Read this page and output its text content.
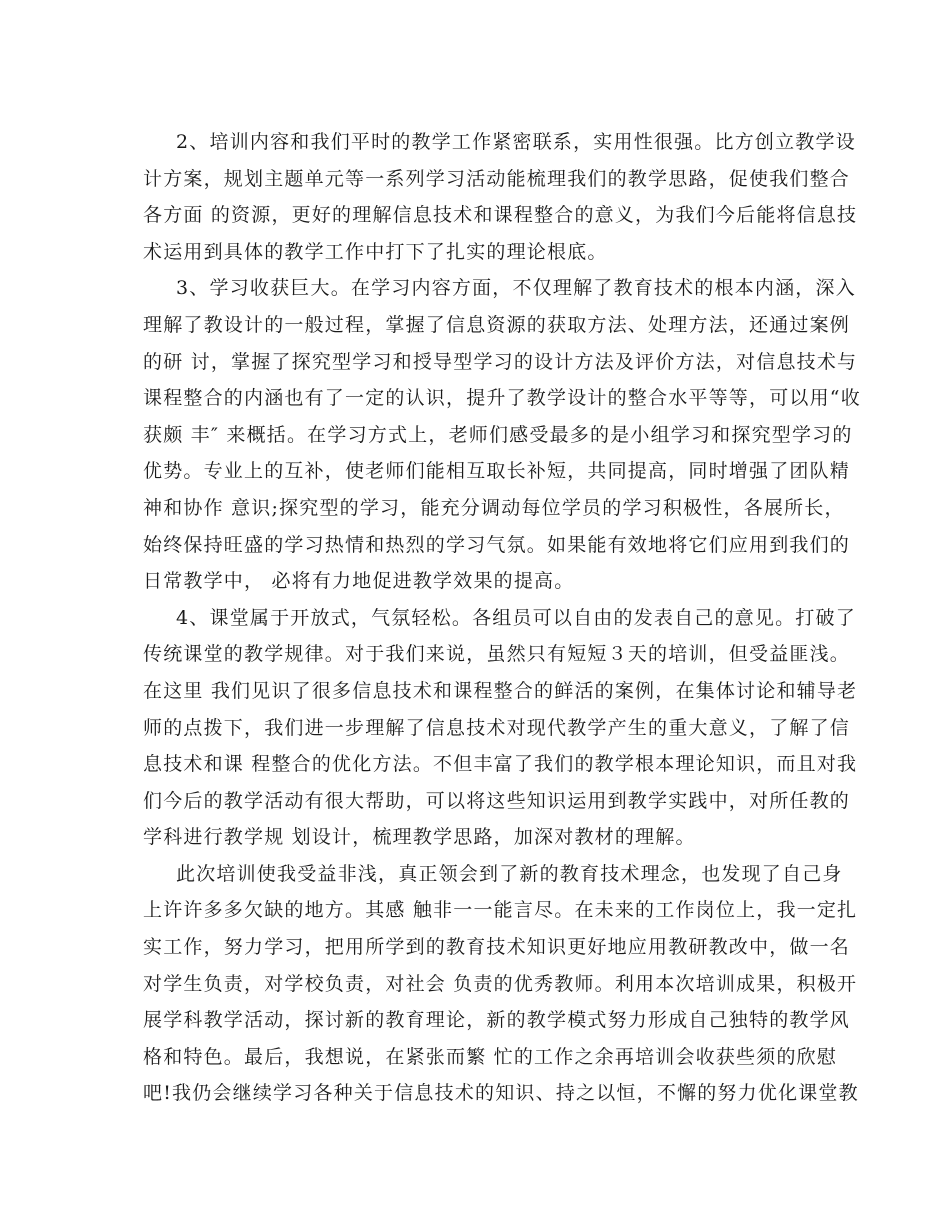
2、培训内容和我们平时的教学工作紧密联系，实用性很强。比方创立教学设
计方案，规划主题单元等一系列学习活动能梳理我们的教学思路，促使我们整合
各方面 的资源，更好的理解信息技术和课程整合的意义，为我们今后能将信息技
术运用到具体的教学工作中打下了扎实的理论根底。

3、学习收获巨大。在学习内容方面，不仅理解了教育技术的根本内涵，深入
理解了教设计的一般过程，掌握了信息资源的获取方法、处理方法，还通过案例
的研 讨，掌握了探究型学习和授导型学习的设计方法及评价方法，对信息技术与
课程整合的内涵也有了一定的认识，提升了教学设计的整合水平等等，可以用“收
获颇 丰″ 来概括。在学习方式上，老师们感受最多的是小组学习和探究型学习的
优势。专业上的互补，使老师们能相互取长补短，共同提高，同时增强了团队精
神和协作 意识;探究型的学习，能充分调动每位学员的学习积极性，各展所长，
始终保持旺盛的学习热情和热烈的学习气氛。如果能有效地将它们应用到我们的
日常教学中， 必将有力地促进教学效果的提高。

4、课堂属于开放式，气氛轻松。各组员可以自由的发表自己的意见。打破了
传统课堂的教学规律。对于我们来说，虽然只有短短３天的培训，但受益匪浅。
在这里 我们见识了很多信息技术和课程整合的鲜活的案例，在集体讨论和辅导老
师的点拨下，我们进一步理解了信息技术对现代教学产生的重大意义，了解了信
息技术和课 程整合的优化方法。不但丰富了我们的教学根本理论知识，而且对我
们今后的教学活动有很大帮助，可以将这些知识运用到教学实践中，对所任教的
学科进行教学规 划设计，梳理教学思路，加深对教材的理解。

此次培训使我受益非浅，真正领会到了新的教育技术理念，也发现了自己身
上许许多多欠缺的地方。其感 触非一一能言尽。在未来的工作岗位上，我一定扎
实工作，努力学习，把用所学到的教育技术知识更好地应用教研教改中，做一名
对学生负责，对学校负责，对社会 负责的优秀教师。利用本次培训成果，积极开
展学科教学活动，探讨新的教育理论，新的教学模式努力形成自己独特的教学风
格和特色。最后，我想说，在紧张而繁 忙的工作之余再培训会收获些须的欣慰
吧!我仍会继续学习各种关于信息技术的知识、持之以恒，不懈的努力优化课堂教
